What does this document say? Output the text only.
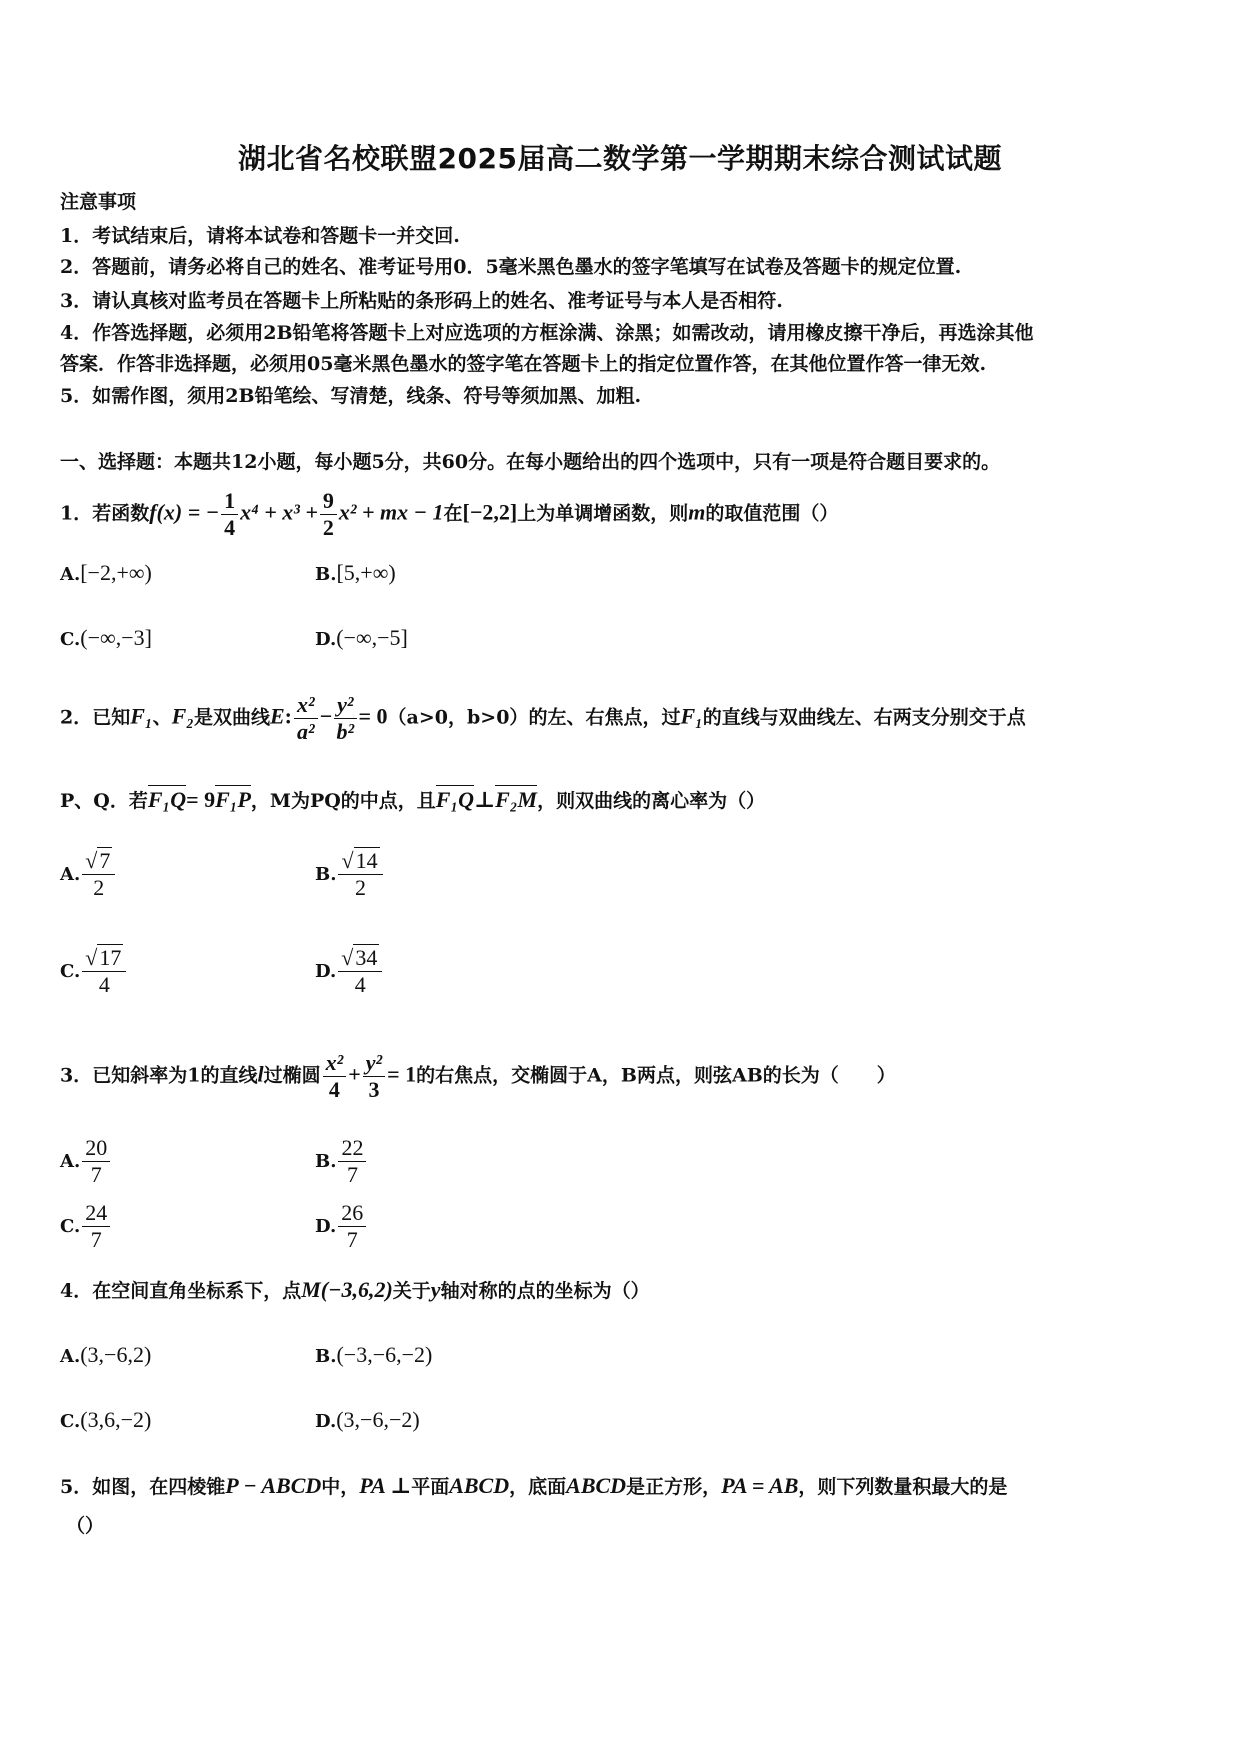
湖北省名校联盟2025届高二数学第一学期期末综合测试试题
注意事项
1．考试结束后，请将本试卷和答题卡一并交回.
2．答题前，请务必将自己的姓名、准考证号用0．5毫米黑色墨水的签字笔填写在试卷及答题卡的规定位置.
3．请认真核对监考员在答题卡上所粘贴的条形码上的姓名、准考证号与本人是否相符.
4．作答选择题，必须用2B铅笔将答题卡上对应选项的方框涂满、涂黑；如需改动，请用橡皮擦干净后，再选涂其他
答案．作答非选择题，必须用05毫米黑色墨水的签字笔在答题卡上的指定位置作答，在其他位置作答一律无效.
5．如需作图，须用2B铅笔绘、写清楚，线条、符号等须加黑、加粗.
一、选择题：本题共12小题，每小题5分，共60分。在每小题给出的四个选项中，只有一项是符合题目要求的。
1．若函数f(x) = − $\frac{1}{4} x^4 + x^3 + \frac{9}{2} x^2$ + mx − 1在[−2,2]上为单调增函数，则m的取值范围（）
A.[−2,+∞)	B.[5,+∞)
C.(−∞,−3]	D.(−∞,−5]
2．已知F₁、F₂是双曲线E: $\frac{\text{x²}}{\text{a²}} - \frac{\text{y²}}{\text{b²}} = 0(a>0$，b>0）的左、右焦点，过F₁的直线与双曲线左、右两支分别交于点
P、Q．若F₁Q= 9F₁P，M为PQ的中点，且F₁Q⊥F₂M，则双曲线的离心率为（）
A. $\frac{√7}{2}$	B. $\frac{√14}{2}$
C. $\frac{√17}{4}$	D. $\frac{√34}{4}$
3．已知斜率为1的直线l过椭圆 $\frac{\text{x²}}{4} + \frac{\text{y²}}{3} = 1$的右焦点，交椭圆于A，B两点，则弦AB的长为（　　）
A. $\frac{20}{7}$	B. $\frac{22}{7}$
C. $\frac{24}{7}$	D. $\frac{26}{7}$
4．在空间直角坐标系下，点M(−3,6,2)关于y轴对称的点的坐标为（）
A.(3,−6,2)	B.(−3,−6,−2)
C.(3,6,−2)	D.(3,−6,−2)
5．如图，在四棱锥P − ABCD中，PA ⊥平面ABCD，底面ABCD是正方形，PA = AB，则下列数量积最大的是
（）
